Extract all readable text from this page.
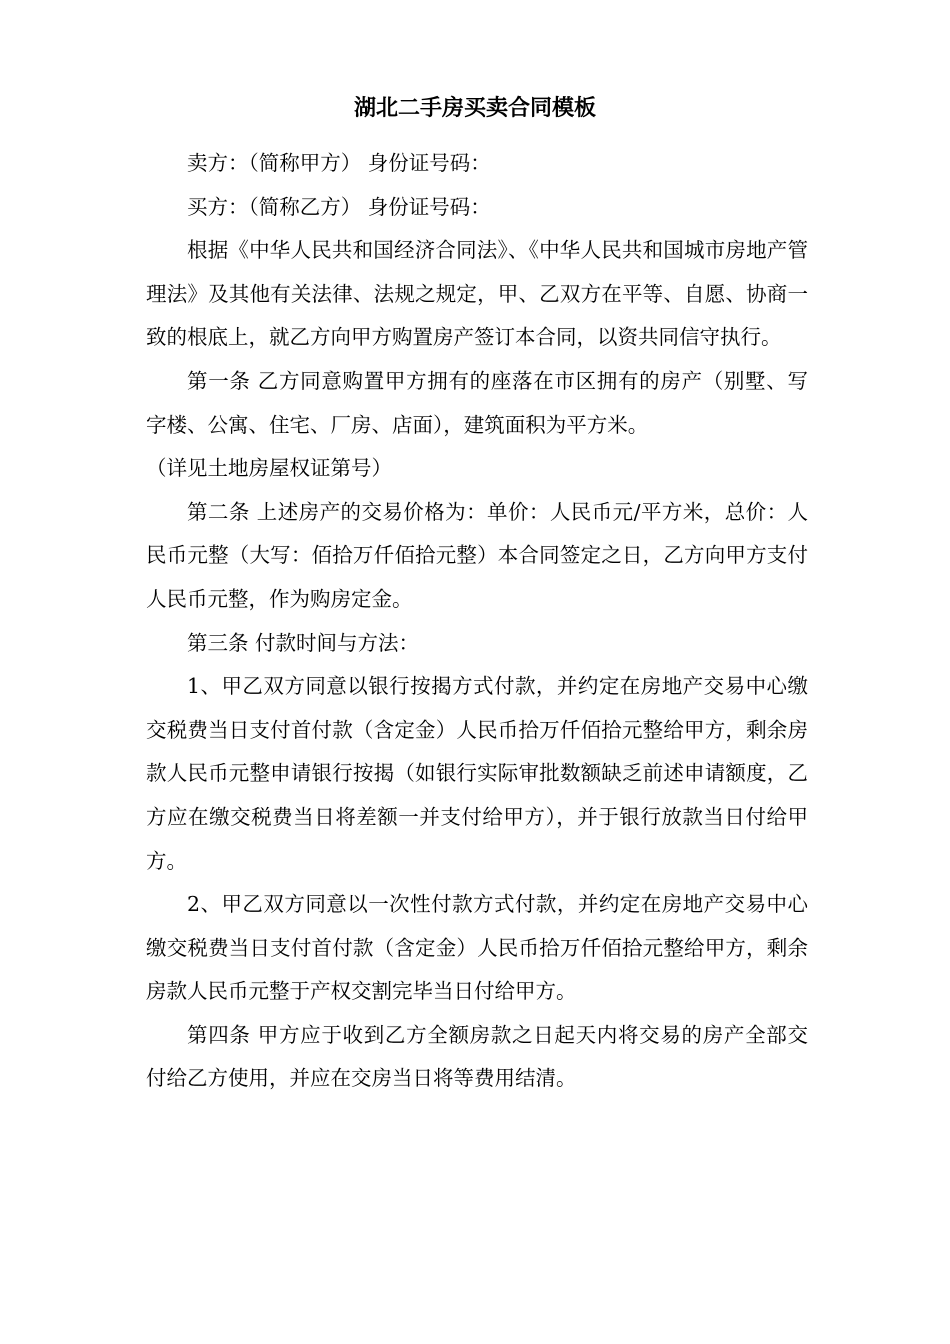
湖北二手房买卖合同模板

卖方：（简称甲方） 身份证号码：

买方：（简称乙方） 身份证号码：

根据《中华人民共和国经济合同法》、《中华人民共和国城市房地产管理法》及其他有关法律、法规之规定，甲、乙双方在平等、自愿、协商一致的根底上，就乙方向甲方购置房产签订本合同，以资共同信守执行。

第一条 乙方同意购置甲方拥有的座落在市区拥有的房产（别墅、写字楼、公寓、住宅、厂房、店面），建筑面积为平方米。

（详见土地房屋权证第号）

第二条 上述房产的交易价格为：单价：人民币元/平方米，总价：人民币元整（大写：佰拾万仟佰拾元整）本合同签定之日，乙方向甲方支付人民币元整，作为购房定金。

第三条 付款时间与方法：

1、甲乙双方同意以银行按揭方式付款，并约定在房地产交易中心缴交税费当日支付首付款（含定金）人民币拾万仟佰拾元整给甲方，剩余房款人民币元整申请银行按揭（如银行实际审批数额缺乏前述申请额度，乙方应在缴交税费当日将差额一并支付给甲方），并于银行放款当日付给甲方。

2、甲乙双方同意以一次性付款方式付款，并约定在房地产交易中心缴交税费当日支付首付款（含定金）人民币拾万仟佰拾元整给甲方，剩余房款人民币元整于产权交割完毕当日付给甲方。

第四条 甲方应于收到乙方全额房款之日起天内将交易的房产全部交付给乙方使用，并应在交房当日将等费用结清。
